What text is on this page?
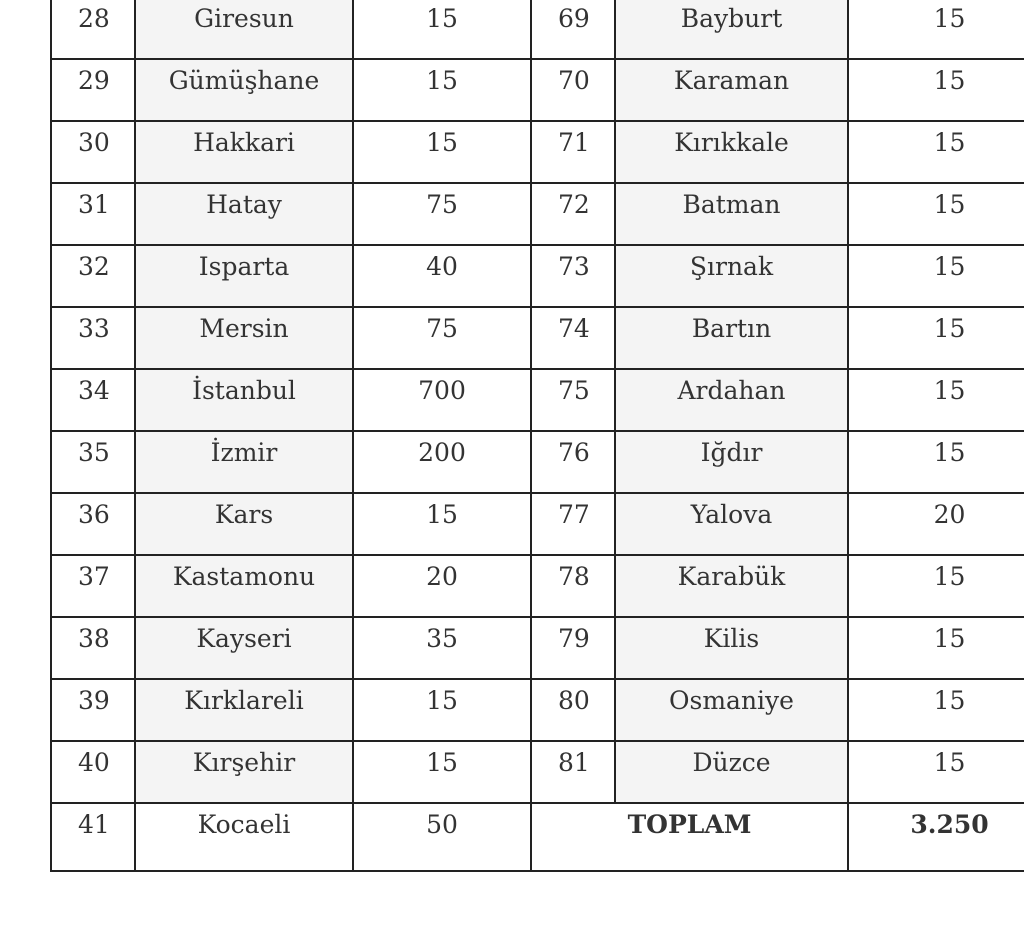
28	Giresun	15	69	Bayburt	15
29	Gümüşhane	15	70	Karaman	15
30	Hakkari	15	71	Kırıkkale	15
31	Hatay	75	72	Batman	15
32	Isparta	40	73	Şırnak	15
33	Mersin	75	74	Bartın	15
34	İstanbul	700	75	Ardahan	15
35	İzmir	200	76	Iğdır	15
36	Kars	15	77	Yalova	20
37	Kastamonu	20	78	Karabük	15
38	Kayseri	35	79	Kilis	15
39	Kırklareli	15	80	Osmaniye	15
40	Kırşehir	15	81	Düzce	15
41	Kocaeli	50	TOPLAM		3.250
